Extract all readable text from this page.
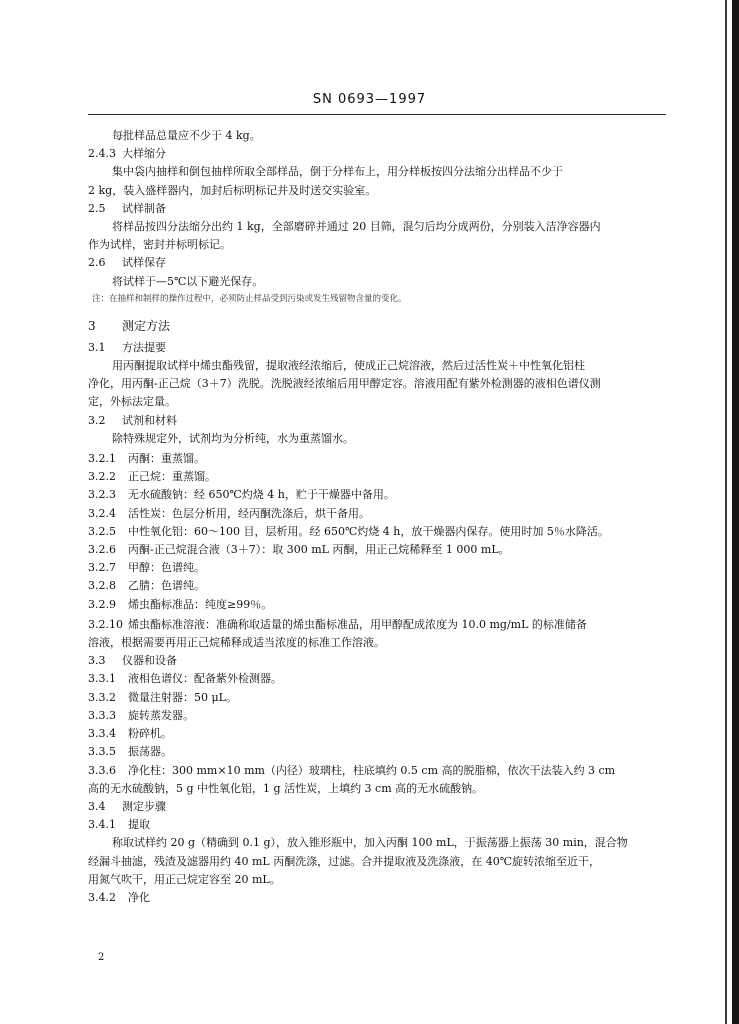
SN 0693—1997
每批样品总量应不少于 4 kg。
2.4.3 大样缩分
集中袋内抽样和倒包抽样所取全部样品，倒于分样布上，用分样板按四分法缩分出样品不少于
2 kg，装入盛样器内，加封后标明标记并及时送交实验室。
2.5 试样制备
将样品按四分法缩分出约 1 kg，全部磨碎并通过 20 目筛，混匀后均分成两份，分别装入洁净容器内
作为试样，密封并标明标记。
2.6 试样保存
将试样于—5℃以下避光保存。
注：在抽样和制样的操作过程中，必须防止样品受到污染或发生残留物含量的变化。
3 测定方法
3.1 方法提要
用丙酮提取试样中烯虫酯残留，提取液经浓缩后，使成正己烷溶液，然后过活性炭＋中性氧化铝柱
净化，用丙酮-正己烷（3＋7）洗脱。洗脱液经浓缩后用甲醇定容。溶液用配有紫外检测器的液相色谱仪测
定，外标法定量。
3.2 试剂和材料
除特殊规定外，试剂均为分析纯，水为重蒸馏水。
3.2.1 丙酮：重蒸馏。
3.2.2 正己烷：重蒸馏。
3.2.3 无水硫酸钠：经 650℃灼烧 4 h，贮于干燥器中备用。
3.2.4 活性炭：色层分析用，经丙酮洗涤后，烘干备用。
3.2.5 中性氧化铝：60～100 目，层析用。经 650℃灼烧 4 h，放干燥器内保存。使用时加 5％水降活。
3.2.6 丙酮-正己烷混合液（3＋7）：取 300 mL 丙酮，用正己烷稀释至 1 000 mL。
3.2.7 甲醇：色谱纯。
3.2.8 乙腈：色谱纯。
3.2.9 烯虫酯标准品：纯度≥99％。
3.2.10 烯虫酯标准溶液：准确称取适量的烯虫酯标准品，用甲醇配成浓度为 10.0 mg/mL 的标准储备
溶液，根据需要再用正己烷稀释成适当浓度的标准工作溶液。
3.3 仪器和设备
3.3.1 液相色谱仪：配备紫外检测器。
3.3.2 微量注射器：50 μL。
3.3.3 旋转蒸发器。
3.3.4 粉碎机。
3.3.5 振荡器。
3.3.6 净化柱：300 mm×10 mm（内径）玻璃柱，柱底填约 0.5 cm 高的脱脂棉，依次干法装入约 3 cm
高的无水硫酸钠，5 g 中性氧化铝，1 g 活性炭，上填约 3 cm 高的无水硫酸钠。
3.4 测定步骤
3.4.1 提取
称取试样约 20 g（精确到 0.1 g），放入锥形瓶中，加入丙酮 100 mL，于振荡器上振荡 30 min，混合物
经漏斗抽滤，残渣及滤器用约 40 mL 丙酮洗涤，过滤。合并提取液及洗涤液，在 40℃旋转浓缩至近干，
用氮气吹干，用正己烷定容至 20 mL。
3.4.2 净化
2
